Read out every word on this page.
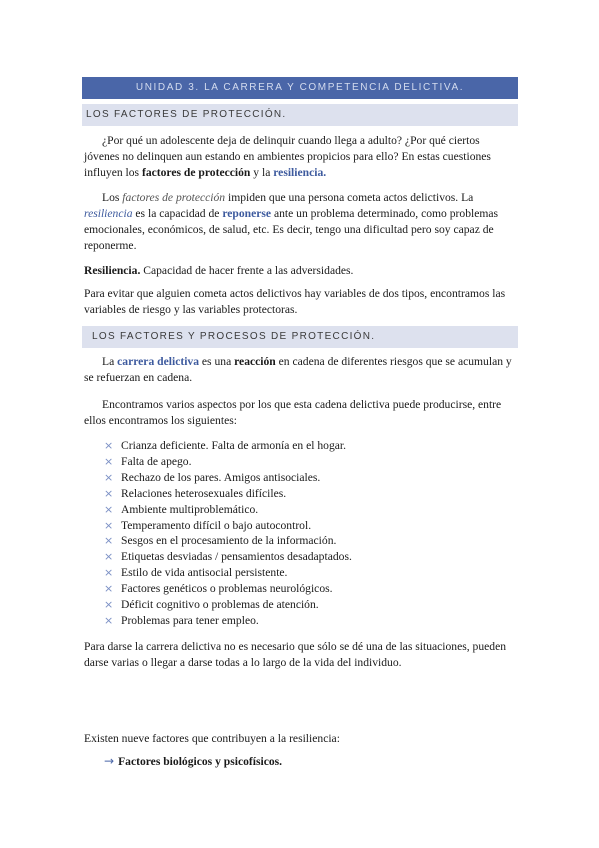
UNIDAD 3. LA CARRERA Y COMPETENCIA DELICTIVA.
LOS FACTORES DE PROTECCIÓN.
¿Por qué un adolescente deja de delinquir cuando llega a adulto? ¿Por qué ciertos jóvenes no delinquen aun estando en ambientes propicios para ello? En estas cuestiones influyen los factores de protección y la resiliencia.
Los factores de protección impiden que una persona cometa actos delictivos. La resiliencia es la capacidad de reponerse ante un problema determinado, como problemas emocionales, económicos, de salud, etc. Es decir, tengo una dificultad pero soy capaz de reponerme.
Resiliencia. Capacidad de hacer frente a las adversidades.
Para evitar que alguien cometa actos delictivos hay variables de dos tipos, encontramos las variables de riesgo y las variables protectoras.
LOS FACTORES Y PROCESOS DE PROTECCIÓN.
La carrera delictiva es una reacción en cadena de diferentes riesgos que se acumulan y se refuerzan en cadena.
Encontramos varios aspectos por los que esta cadena delictiva puede producirse, entre ellos encontramos los siguientes:
× Crianza deficiente. Falta de armonía en el hogar.
× Falta de apego.
× Rechazo de los pares. Amigos antisociales.
× Relaciones heterosexuales difíciles.
× Ambiente multiproblemático.
× Temperamento difícil o bajo autocontrol.
× Sesgos en el procesamiento de la información.
× Etiquetas desviadas / pensamientos desadaptados.
× Estilo de vida antisocial persistente.
× Factores genéticos o problemas neurológicos.
× Déficit cognitivo o problemas de atención.
× Problemas para tener empleo.
Para darse la carrera delictiva no es necesario que sólo se dé una de las situaciones, pueden darse varias o llegar a darse todas a lo largo de la vida del individuo.
Existen nueve factores que contribuyen a la resiliencia:
→ Factores biológicos y psicofísicos.
